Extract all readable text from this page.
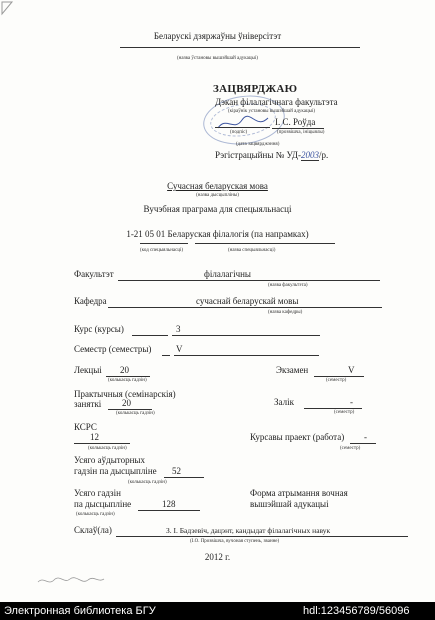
Беларускі дзяржаўны ўніверсітэт
(назва ўстановы вышэйшай адукацыі)
ЗАЦВЯРДЖАЮ
Дэкан філалагічнага факультэта
(кіраўнік установы вышэйшай адукацыі)
І. С. Роўда
(подпіс)	(прозвішча, ініцыялы)
(дата зацвярджэння)
Рэгістрацыйны № УД-2003/р.
Сучасная беларуская мова
(назва дысцыпліны)
Вучэбная праграма для спецыяльнасці
1-21 05 01 Беларуская філалогія (па напрамках)
(код спецыяльнасці)	(назва спецыяльнасці)
Факультэт	філалагічны
(назва факультэта)
Кафедра	сучаснай беларускай мовы
(назва кафедры)
Курс (курсы)	3
Семестр (семестры)	V
Лекцыі 20
(колькасць гадзін)
Экзамен	V
(семестр)
Практычныя (семінарскія)
заняткі 20
(колькасць гадзін)
Залік	-
(семестр)
КСРС
12
(колькасць гадзін)
Курсавы праект (работа) -
(семестр)
Усяго аўдыторных
гадзін па дысцыпліне 52
(колькасць гадзін)
Усяго гадзін
па дысцыпліне	128
(колькасць гадзін)
Форма атрымання вочная
вышэйшай адукацыі
Склаў(ла)	З. І. Бадзевіч, дацэнт, кандыдат філалагічных навук
(І.О. Прозвішча, вучоная ступень, званне)
2012 г.
Электронная библиотека БГУ	hdl:123456789/56096
